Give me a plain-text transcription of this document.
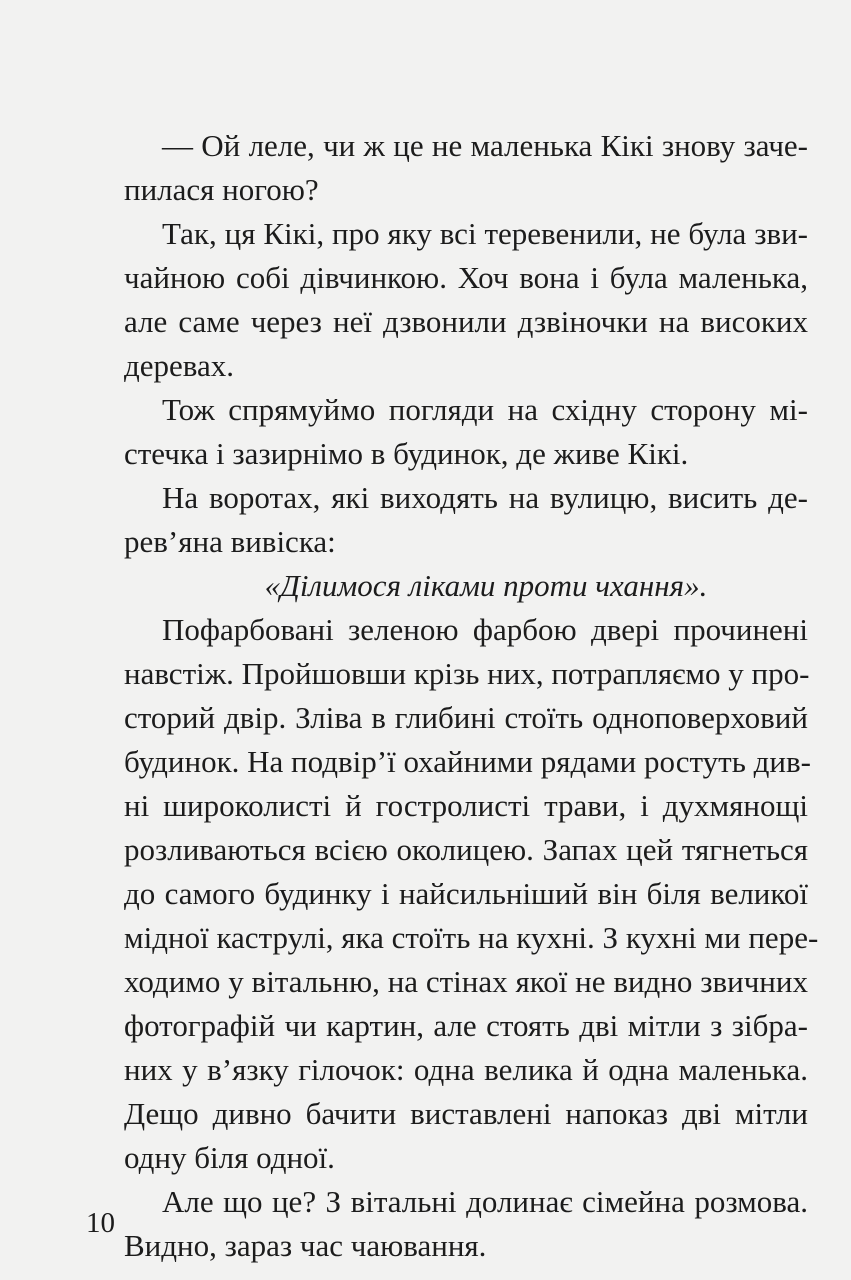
— Ой леле, чи ж це не маленька Кікі знову заче-
пилася ногою?
Так, ця Кікі, про яку всі теревенили, не була зви-
чайною собі дівчинкою. Хоч вона і була маленька,
але саме через неї дзвонили дзвіночки на високих
деревах.
Тож спрямуймо погляди на східну сторону мі-
стечка і зазирнімо в будинок, де живе Кікі.
На воротах, які виходять на вулицю, висить де-
рев’яна вивіска:
«Ділимося ліками проти чхання».
Пофарбовані зеленою фарбою двері прочинені
навстіж. Пройшовши крізь них, потрапляємо у про-
сторий двір. Зліва в глибині стоїть одноповерховий
будинок. На подвір’ї охайними рядами ростуть див-
ні широколисті й гостролисті трави, і духмянощі
розливаються всією околицею. Запах цей тягнеться
до самого будинку і найсильніший він біля великої
мідної каструлі, яка стоїть на кухні. З кухні ми пере-
ходимо у вітальню, на стінах якої не видно звичних
фотографій чи картин, але стоять дві мітли з зібра-
них у в’язку гілочок: одна велика й одна маленька.
Дещо дивно бачити виставлені напоказ дві мітли
одну біля одної.
Але що це? З вітальні долинає сімейна розмова.
Видно, зараз час чаювання.
10
